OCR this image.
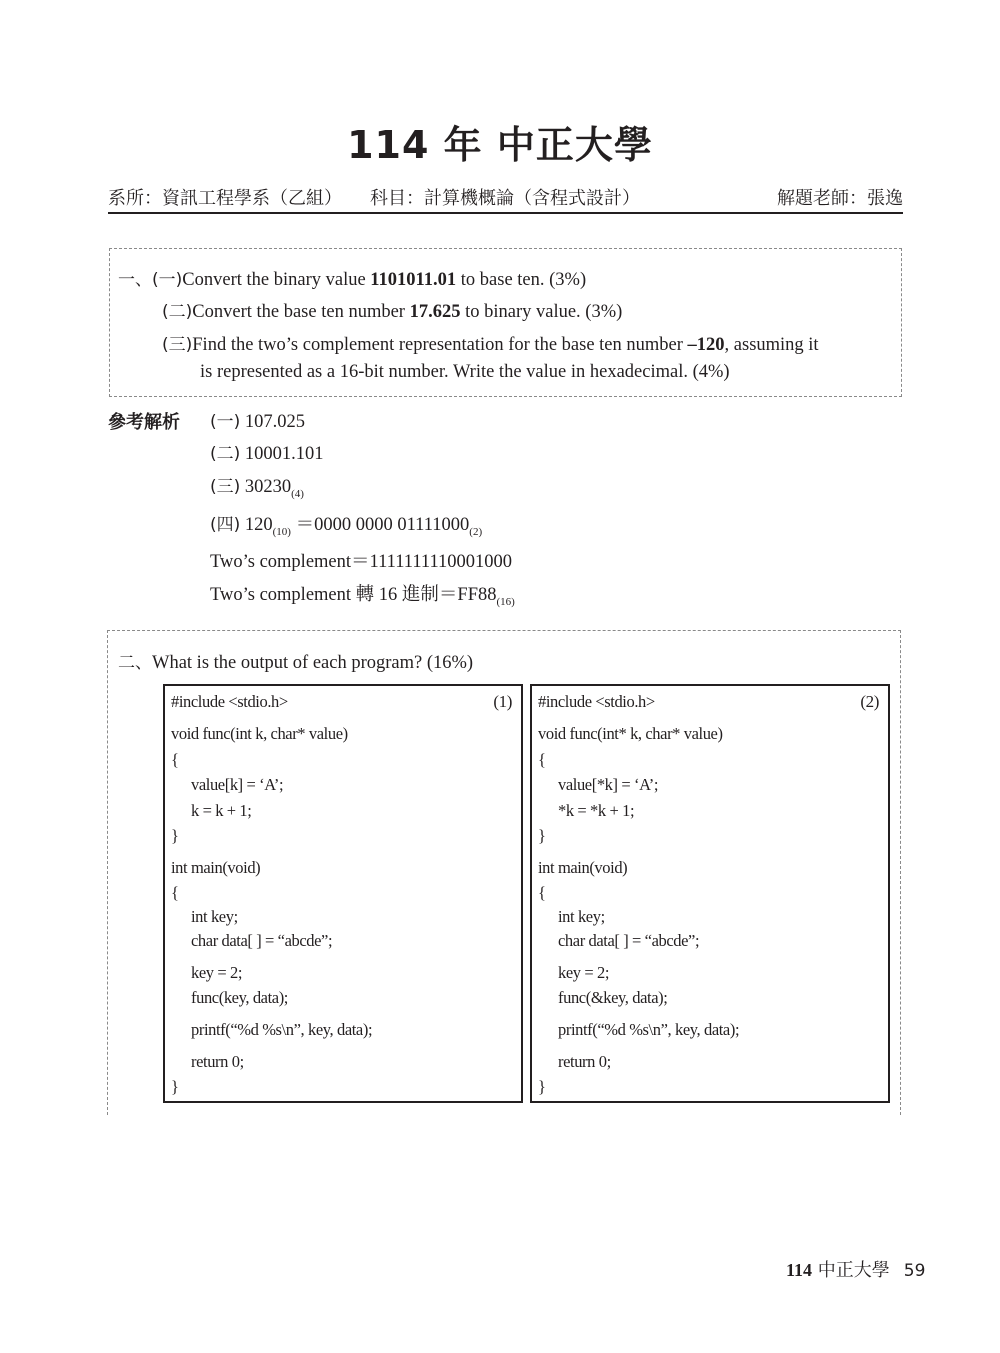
114 年 中正大學
系所：資訊工程學系（乙組） 科目：計算機概論（含程式設計）	解題老師：張逸
一、(一)Convert the binary value 1101011.01 to base ten. (3%)
(二)Convert the base ten number 17.625 to binary value. (3%)
(三)Find the two’s complement representation for the base ten number –120, assuming it
is represented as a 16-bit number. Write the value in hexadecimal. (4%)
參考解析 (一) 107.025
(二) 10001.101
(三) $30230_{(4)}$
(四) $120_{(10)} =0000$ 0000 $01111000_{(2)}$
Two’s complement＝1111111110001000
Two’s complement 轉 16 進制$=FF88_{(16)}$
二、What is the output of each program? (16%)
(1)
#include <stdio.h>
void func(int k, char* value)
{
value[k] = ‘A’;
k = k + 1;
}
int main(void)
{
int key;
char data[ ] = “abcde”;
key = 2;
func(key, data);
printf(“%d %s\n”, key, data);
return 0;
}
(2)
#include <stdio.h>
void func(int* k, char* value)
{
value[*k] = ‘A’;
*k = *k + 1;
}
int main(void)
{
int key;
char data[ ] = “abcde”;
key = 2;
func(&key, data);
printf(“%d %s\n”, key, data);
return 0;
}
114 中正大學 59
